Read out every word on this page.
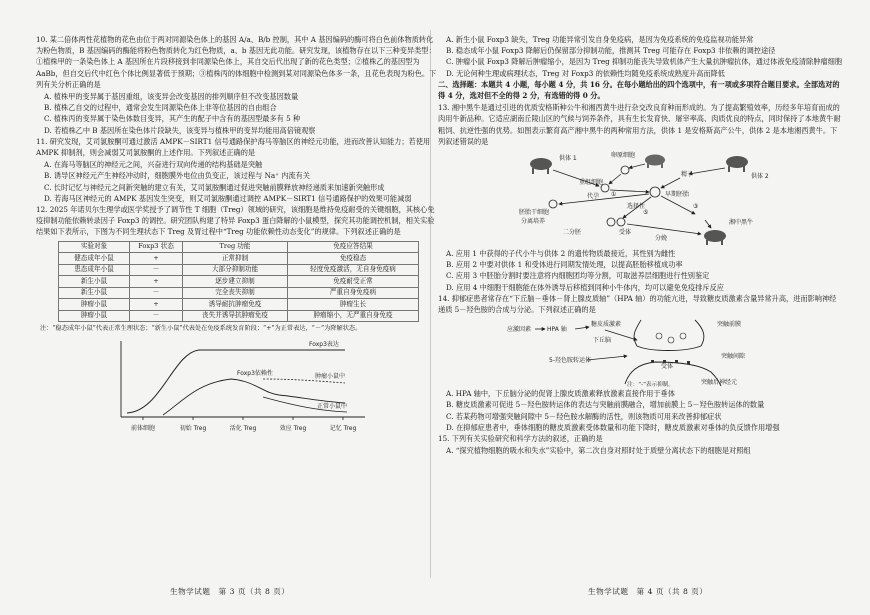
10. 某二倍体两性花植物的花色由位于两对同源染色体上的基因 A/a、B/b 控制，其中 A 基因编码的酶可将白色前体物质转化为粉色物质，B 基因编码的酶能将粉色物质转化为红色物质，a、b 基因无此功能。研究发现，该植物存在以下三种变异类型：①植株甲的一条染色体上 A 基因所在片段移接到非同源染色体上，其自交后代出现了新的花色类型；②植株乙的基因型为 AaBb，但自交后代中红色个体比例显著低于预期；③植株丙的体细胞中检测到某对同源染色体多一条，且花色表现为粉色。下列有关分析正确的是

A. 植株甲的变异属于基因重组，该变异会改变基因的排列顺序但不改变基因数量

B. 植株乙自交的过程中，通常会发生同源染色体上非等位基因的自由组合

C. 植株丙的变异属于染色体数目变异，其产生的配子中含有的基因型最多有 5 种

D. 若植株乙中 B 基因所在染色体片段缺失，该变异与植株甲的变异均能用高倍镜观察

11. 研究发现，艾司氯胺酮可通过激活 AMPK－SIRT1 信号通路保护海马等脑区的神经元功能，进而改善认知能力；若使用 AMPK 抑制剂，则会减弱艾司氯胺酮的上述作用。下列叙述正确的是

A. 在海马等脑区的神经元之间，兴奋进行双向传递的结构基础是突触

B. 诱导区神经元产生神经冲动时，细胞膜外电位由负变正，该过程与 Na⁺ 内流有关

C. 长时记忆与神经元之间新突触的建立有关，艾司氯胺酮通过促进突触前膜释放神经递质来加速新突触形成

D. 若海马区神经元的 AMPK 基因发生突变，则艾司氯胺酮通过调控 AMPK－SIRT1 信号通路保护的效果可能减弱

12. 2025 年诺贝尔生理学或医学奖授予了调节性 T 细胞（Treg）领域的研究，该细胞是维持免疫耐受的关键细胞，其核心免疫抑制功能依赖转录因子 Foxp3 的调控。研究团队构建了特异 Foxp3 蛋白降解的小鼠模型，探究其功能调控机制，相关实验结果如下表所示，下图为不同生理状态下 Treg 及胃过程中“Treg 功能依赖性动态变化”的规律。下列叙述正确的是

实验对象	Foxp3 状态	Treg 功能	免疫应答结果
健态成年小鼠	+	正常抑制	免疫稳态
患态成年小鼠	－	大部分抑制功能	轻度免疫激活，无自身免疫病
新生小鼠	+	逐步建立抑制	免疫耐受正常
新生小鼠	－	完全丧失抑制	严重自身免疫病
肿瘤小鼠	+	诱导耐抗肿瘤免疫	肿瘤生长
肿瘤小鼠	－	丧失并诱导抗肿瘤免疫	肿瘤缩小，无严重自身免疫

注：“稳态成年小鼠”代表正常生理状态；“新生小鼠”代表处在免疫系统发育阶段；“+”为正常表达，“－”为降解状态。

Foxp3表达
Foxp3依赖性	肿瘤小鼠中
正常小鼠中
前体细胞	初始 Treg	活化 Treg	效应 Treg	记忆 Treg

A. 新生小鼠 Foxp3 缺失，Treg 功能异常引发自身免疫病，是因为免疫系统的免疫监视功能异常

B. 稳态成年小鼠 Foxp3 降解后仍保留部分抑制功能，推测其 Treg 可能存在 Foxp3 非依赖的调控途径

C. 肿瘤小鼠 Foxp3 降解后肿瘤缩小，是因为 Treg 抑制功能丧失导致机体产生大量抗肿瘤抗体，通过体液免疫清除肿瘤细胞

D. 无论何种生理或病理状态，Treg 对 Foxp3 的依赖性均随免疫系统成熟度升高而降低

二、选择题：本题共 4 小题，每小题 4 分，共 16 分。在每小题给出的四个选项中，有一项或多项符合题目要求。全部选对的得 4 分，选对但不全的得 2 分，有选错的得 0 分。

13. 湘中黑牛是通过引进的优质安格斯种公牛和湘西黄牛进行杂交改良育种而形成的。为了提高繁殖效率，历经多年培育而成的肉用牛新品种。它适应湖南丘陵山区的气候与饲养条件，具有生长发育快、屠宰率高、肉质优良的特点，同时保持了本地黄牛耐粗饲、抗逆性强的优势。如图表示繁育高产湘中黑牛的两种常用方法，供体 1 是安格斯高产公牛，供体 2 是本地湘西黄牛。下列叙述错误的是

供体 1	卵原细胞
供体 2
精子
重组细胞
早期胚胎
选择性
受体
胚胎干细胞
分离培养
二分胚
湘中黑牛
分娩
代孕
⑤
③
①

A. 应用 1 中获得的子代小牛与供体 2 的遗传物质最接近，其性别为雌性

B. 应用 2 中要对供体 1 和受体进行同期发情处理，以提高胚胎移植成功率

C. 应用 3 中胚胎分割时要注意将内细胞团均等分割，可取滋养层细胞进行性别鉴定

D. 应用 4 中细胞干细胞能在体外诱导后移植到同种小牛体内，均可以避免免疫排斥反应

14. 抑郁症患者常存在“下丘脑－垂体－肾上腺皮质轴”（HPA 轴）的功能亢进，导致糖皮质激素含量异常升高，进而影响神经递质 5－羟色胺的合成与分泌。下列叙述正确的是

应激因素	HPA 轴
糖皮质激素
下丘脑
突触前膜
5-羟色胺转运体
突触间隙
受体
突触后神经元
注：“-”表示抑制。

A. HPA 轴中，下丘脑分泌的促肾上腺皮质激素释放激素直接作用于垂体

B. 糖皮质激素可促进 5－羟色胺转运体的表达与突触前膜融合，增加前膜上 5－羟色胺转运体的数量

C. 若某药物可增强突触间隙中 5－羟色胺水解酶的活性，则该物质可用来改善抑郁症状

D. 在抑郁症患者中，垂体细胞的糖皮质激素受体数量和功能下降时，糖皮质激素对垂体的负反馈作用增强

15. 下列有关实验研究和科学方法的叙述，正确的是

A. “探究植物细胞的吸水和失水”实验中，第二次自身对照时处于质壁分离状态下的细胞是对照组

生物学试题　第 3 页（共 8 页）	生物学试题　第 4 页（共 8 页）
